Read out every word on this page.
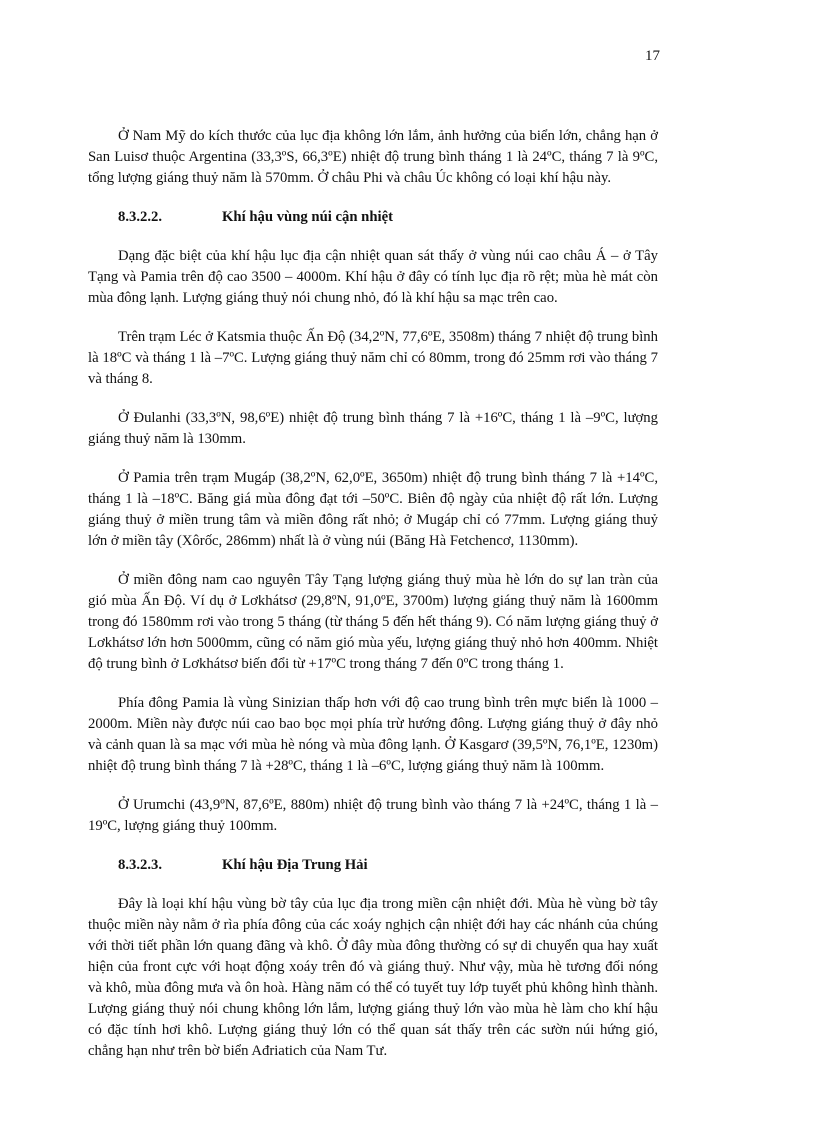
17

Ở Nam Mỹ do kích thước của lục địa không lớn lắm, ảnh hưởng của biển lớn, chẳng hạn ở San Luisơ thuộc Argentina (33,3ºS, 66,3ºE) nhiệt độ trung bình tháng 1 là 24ºC, tháng 7 là 9ºC, tổng lượng giáng thuỷ năm là 570mm. Ở châu Phi và châu Úc không có loại khí hậu này.

8.3.2.2.	Khí hậu vùng núi cận nhiệt

Dạng đặc biệt của khí hậu lục địa cận nhiệt quan sát thấy ở vùng núi cao châu Á – ở Tây Tạng và Pamia trên độ cao 3500 – 4000m. Khí hậu ở đây có tính lục địa rõ rệt; mùa hè mát còn mùa đông lạnh. Lượng giáng thuỷ nói chung nhỏ, đó là khí hậu sa mạc trên cao.

Trên trạm Léc ở Katsmia thuộc Ấn Độ (34,2ºN, 77,6ºE, 3508m) tháng 7 nhiệt độ trung bình là 18ºC và tháng 1 là –7ºC. Lượng giáng thuỷ năm chỉ có 80mm, trong đó 25mm rơi vào tháng 7 và tháng 8.

Ở Đulanhi (33,3ºN, 98,6ºE) nhiệt độ trung bình tháng 7 là +16ºC, tháng 1 là –9ºC, lượng giáng thuỷ năm là 130mm.

Ở Pamia trên trạm Mugáp (38,2ºN, 62,0ºE, 3650m) nhiệt độ trung bình tháng 7 là +14ºC, tháng 1 là –18ºC. Băng giá mùa đông đạt tới –50ºC. Biên độ ngày của nhiệt độ rất lớn. Lượng giáng thuỷ ở miền trung tâm và miền đông rất nhỏ; ở Mugáp chỉ có 77mm. Lượng giáng thuỷ lớn ở miền tây (Xôrốc, 286mm) nhất là ở vùng núi (Băng Hà Fetchencơ, 1130mm).

Ở miền đông nam cao nguyên Tây Tạng lượng giáng thuỷ mùa hè lớn do sự lan tràn của gió mùa Ấn Độ. Ví dụ ở Lơkhátsơ (29,8ºN, 91,0ºE, 3700m) lượng giáng thuỷ năm là 1600mm trong đó 1580mm rơi vào trong 5 tháng (từ tháng 5 đến hết tháng 9). Có năm lượng giáng thuỷ ở Lơkhátsơ lớn hơn 5000mm, cũng có năm gió mùa yếu, lượng giáng thuỷ nhỏ hơn 400mm. Nhiệt độ trung bình ở Lơkhátsơ biến đổi từ +17ºC trong tháng 7 đến 0ºC trong tháng 1.

Phía đông Pamia là vùng Sinizian thấp hơn với độ cao trung bình trên mực biển là 1000 – 2000m. Miền này được núi cao bao bọc mọi phía trừ hướng đông. Lượng giáng thuỷ ở đây nhỏ và cảnh quan là sa mạc với mùa hè nóng và mùa đông lạnh. Ở Kasgarơ (39,5ºN, 76,1ºE, 1230m) nhiệt độ trung bình tháng 7 là +28ºC, tháng 1 là –6ºC, lượng giáng thuỷ năm là 100mm.

Ở Urumchi (43,9ºN, 87,6ºE, 880m) nhiệt độ trung bình vào tháng 7 là +24ºC, tháng 1 là –19ºC, lượng giáng thuỷ 100mm.

8.3.2.3.	Khí hậu Địa Trung Hải

Đây là loại khí hậu vùng bờ tây của lục địa trong miền cận nhiệt đới. Mùa hè vùng bờ tây thuộc miền này nằm ở rìa phía đông của các xoáy nghịch cận nhiệt đới hay các nhánh của chúng với thời tiết phần lớn quang đãng và khô. Ở đây mùa đông thường có sự di chuyển qua hay xuất hiện của front cực với hoạt động xoáy trên đó và giáng thuỷ. Như vậy, mùa hè tương đối nóng và khô, mùa đông mưa và ôn hoà. Hàng năm có thể có tuyết tuy lớp tuyết phủ không hình thành. Lượng giáng thuỷ nói chung không lớn lắm, lượng giáng thuỷ lớn vào mùa hè làm cho khí hậu có đặc tính hơi khô. Lượng giáng thuỷ lớn có thể quan sát thấy trên các sườn núi hứng gió, chẳng hạn như trên bờ biển Ađriatich của Nam Tư.
